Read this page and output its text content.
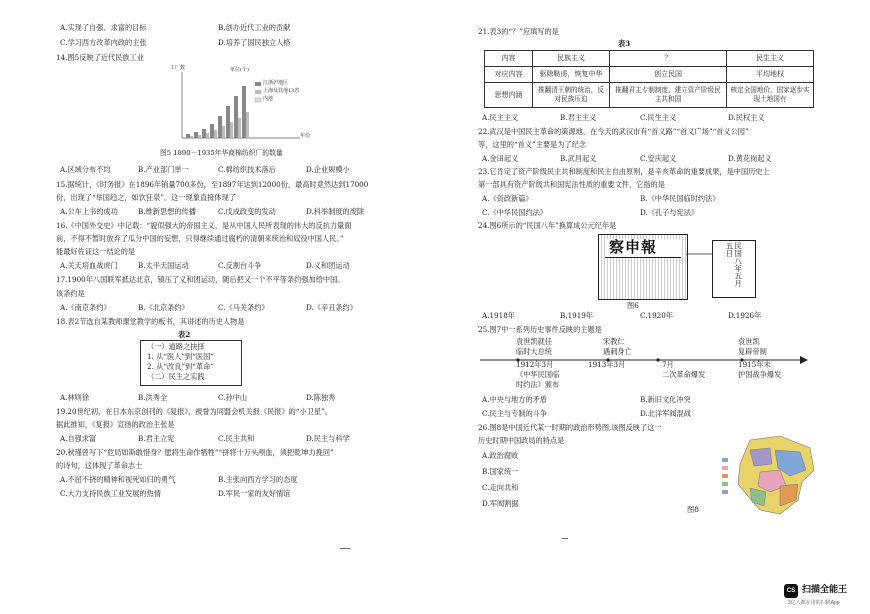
A.实现了自强、求富的目标	B.创办近代工业的贡献
C.学习西方改革内政的主张	D.培养了国民独立人格
14.图5反映了近代民族工业
工厂数	单位(个)
江浙沪地区
上海及其他13省
内地
年份
图5 1890－1935年华商棉纺织厂的数量
A.区域分布不均	B.产业部门单一	C.棉纺织技术落后	D.企业规模小
15.据统计，《时务报》在1896年销量700多份，至1897年达到12000份，最高时竟然达到17000
份，出现了“举国趋之，如饮狂泉”。这一现象直接体现了
A.公车上书的成功	B.维新思想的传播	C.戊戌政变的发动	D.科举制度的废除
16.《中国外交史》中记载：“貌似强大的帝国主义，是从中国人民所表现的伟大的反抗力量面
前，不得不暂时放弃了瓜分中国的妄想，只得继续通过腐朽的清朝来统治和奴役中国人民。”
能最好佐证这一结论的是
A.关天培血战虎门	B.太平天国运动	C.反割台斗争	D.义和团运动
17.1900年八国联军抵达北京，镇压了义和团运动，随后把又一个不平等条约强加给中国。
该条约是
A.《南京条约》	B.《北京条约》	C.《马关条约》	D.《辛丑条约》
18.表2节选自某教师课堂教学的板书，其讲述的历史人物是
表2
（一）道路之抉择
1. 从“医人”到“医国”
2. 从“改良”到“革命”
（二）民主之实践
A.林则徐	B.洪秀全	C.孙中山	D.陈独秀
19.20世纪初，在日本东京创刊的《复报》，被誉为同盟会机关报《民报》的“小卫星”。
据此推知，《复报》宣扬的政治主张是
A.自强求富	B.君主立宪	C.民主共和	D.民主与科学
20.秋瑾曾写下“危局如斯敢惜身？愿将生命作牺牲”“拼将十万头颅血，须把乾坤力挽回”
的诗句，这体现了革命志士
A.不屈不挠的精神和视死如归的勇气	B.主张向西方学习的态度
C.大力支持民族工业发展的热情	D.军民一家的友好情谊
21.表3的“？”应填写的是
表3
内容	民族主义	？	民生主义
对应内容	驱除鞑虏，恢复中华	创立民国	平均地权
思想内涵	推翻清王朝的统治，反对民族压迫	推翻君主专制制度，建立资产阶级民主共和国	核定全国地价，国家逐步实现土地国有
A.民主主义	B.君主主义	C.民生主义	D.民权主义
22.武汉是中国民主革命的策源地，在今天的武汉市有“首义路”“首义广场”“首义公园”
等，这里的“首义”主要是为了纪念
A.金田起义	B.武昌起义	C.安庆起义	D.黄花岗起义
23.它肯定了资产阶级民主共和制度和民主自由原则，是辛亥革命的重要成果，是中国历史上
第一部具有资产阶级共和国宪法性质的重要文件，它指的是
A.《资政新篇》	B.《中华民国临时约法》
C.《中华民国约法》	D.《孔子与宪法》
24.图6所示的“民国八年”换算成公元纪年是
察申報	民国八年五月五日
图6
A.1918年	B.1919年	C.1920年	D.1926年
25.图7中一系列历史事件反映的主题是
袁世凯就任
临时大总统
1912年3月
宋教仁
遇刺身亡
1913年3月
袁世凯
复辟帝制
1915年末
《中华民国临
时约法》颁布
7月
二次革命爆发	护国战争爆发
A.中央与地方的矛盾	B.新旧文化冲突
C.民主与专制的斗争	D.北洋军阀混战
26.图8是中国近代某一时期的政治形势图,该图反映了这一
历史时期中国政局的特点是
A.政治腐败
B.国家统一
C.走向共和
D.军阀割据
图8
CS 扫描全能王
3亿人都在用的扫描App
